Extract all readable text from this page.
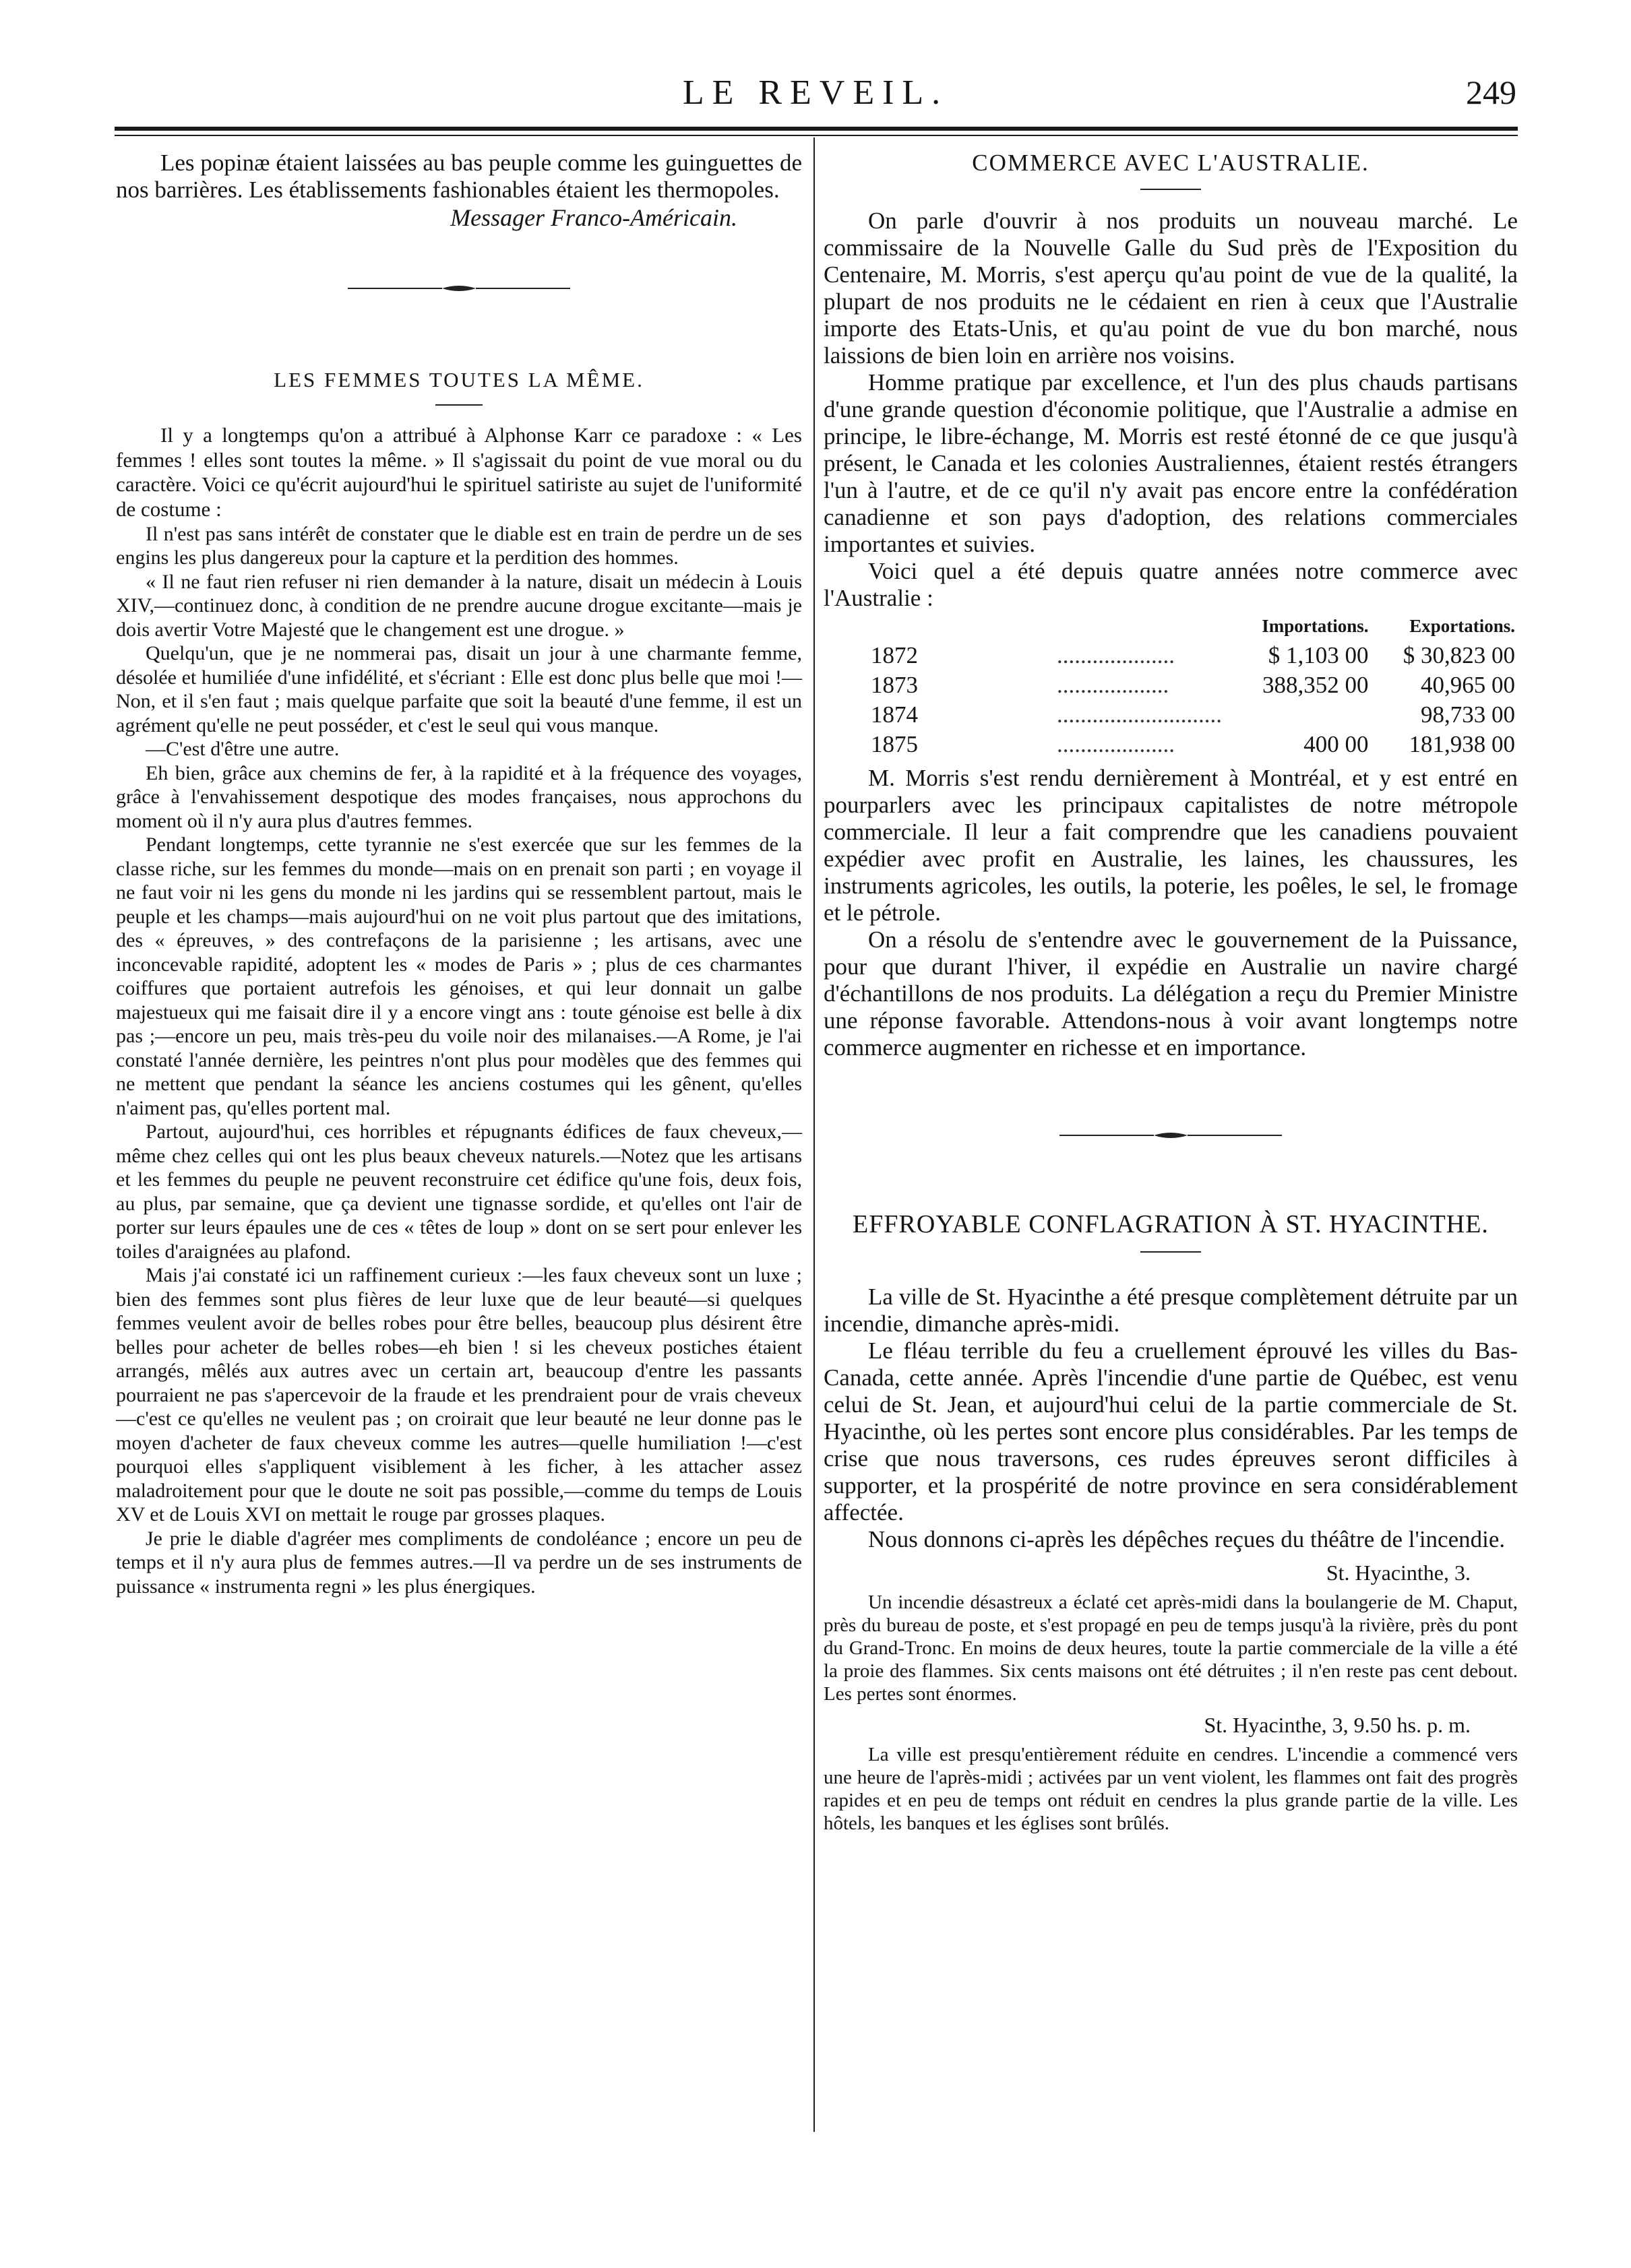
LE REVEIL.	249

Les popinæ étaient laissées au bas peuple comme les guinguettes de nos barrières. Les établissements fashionables étaient les thermopoles.

Messager Franco-Américain.
LES FEMMES TOUTES LA MÊME.

Il y a longtemps qu'on a attribué à Alphonse Karr ce paradoxe : « Les femmes ! elles sont toutes la même. » Il s'agissait du point de vue moral ou du caractère. Voici ce qu'écrit aujourd'hui le spirituel satiriste au sujet de l'uniformité de costume :

Il n'est pas sans intérêt de constater que le diable est en train de perdre un de ses engins les plus dangereux pour la capture et la perdition des hommes.

« Il ne faut rien refuser ni rien demander à la nature, disait un médecin à Louis XIV,—continuez donc, à condition de ne prendre aucune drogue excitante—mais je dois avertir Votre Majesté que le changement est une drogue. »

Quelqu'un, que je ne nommerai pas, disait un jour à une charmante femme, désolée et humiliée d'une infidélité, et s'écriant : Elle est donc plus belle que moi !—Non, et il s'en faut ; mais quelque parfaite que soit la beauté d'une femme, il est un agrément qu'elle ne peut posséder, et c'est le seul qui vous manque.

—C'est d'être une autre.

Eh bien, grâce aux chemins de fer, à la rapidité et à la fréquence des voyages, grâce à l'envahissement despotique des modes françaises, nous approchons du moment où il n'y aura plus d'autres femmes.

Pendant longtemps, cette tyrannie ne s'est exercée que sur les femmes de la classe riche, sur les femmes du monde—mais on en prenait son parti ; en voyage il ne faut voir ni les gens du monde ni les jardins qui se ressemblent partout, mais le peuple et les champs—mais aujourd'hui on ne voit plus partout que des imitations, des « épreuves, » des contrefaçons de la parisienne ; les artisans, avec une inconcevable rapidité, adoptent les « modes de Paris » ; plus de ces charmantes coiffures que portaient autrefois les génoises, et qui leur donnait un galbe majestueux qui me faisait dire il y a encore vingt ans : toute génoise est belle à dix pas ;—encore un peu, mais très-peu du voile noir des milanaises.—A Rome, je l'ai constaté l'année dernière, les peintres n'ont plus pour modèles que des femmes qui ne mettent que pendant la séance les anciens costumes qui les gênent, qu'elles n'aiment pas, qu'elles portent mal.

Partout, aujourd'hui, ces horribles et répugnants édifices de faux cheveux,—même chez celles qui ont les plus beaux cheveux naturels.—Notez que les artisans et les femmes du peuple ne peuvent reconstruire cet édifice qu'une fois, deux fois, au plus, par semaine, que ça devient une tignasse sordide, et qu'elles ont l'air de porter sur leurs épaules une de ces « têtes de loup » dont on se sert pour enlever les toiles d'araignées au plafond.

Mais j'ai constaté ici un raffinement curieux :—les faux cheveux sont un luxe ; bien des femmes sont plus fières de leur luxe que de leur beauté—si quelques femmes veulent avoir de belles robes pour être belles, beaucoup plus désirent être belles pour acheter de belles robes—eh bien ! si les cheveux postiches étaient arrangés, mêlés aux autres avec un certain art, beaucoup d'entre les passants pourraient ne pas s'apercevoir de la fraude et les prendraient pour de vrais cheveux—c'est ce qu'elles ne veulent pas ; on croirait que leur beauté ne leur donne pas le moyen d'acheter de faux cheveux comme les autres—quelle humiliation !—c'est pourquoi elles s'appliquent visiblement à les ficher, à les attacher assez maladroitement pour que le doute ne soit pas possible,—comme du temps de Louis XV et de Louis XVI on mettait le rouge par grosses plaques.

Je prie le diable d'agréer mes compliments de condoléance ; encore un peu de temps et il n'y aura plus de femmes autres.—Il va perdre un de ses instruments de puissance « instrumenta regni » les plus énergiques.

COMMERCE AVEC L'AUSTRALIE.

On parle d'ouvrir à nos produits un nouveau marché. Le commissaire de la Nouvelle Galle du Sud près de l'Exposition du Centenaire, M. Morris, s'est aperçu qu'au point de vue de la qualité, la plupart de nos produits ne le cédaient en rien à ceux que l'Australie importe des Etats-Unis, et qu'au point de vue du bon marché, nous laissions de bien loin en arrière nos voisins.

Homme pratique par excellence, et l'un des plus chauds partisans d'une grande question d'économie politique, que l'Australie a admise en principe, le libre-échange, M. Morris est resté étonné de ce que jusqu'à présent, le Canada et les colonies Australiennes, étaient restés étrangers l'un à l'autre, et de ce qu'il n'y avait pas encore entre la confédération canadienne et son pays d'adoption, des relations commerciales importantes et suivies.

Voici quel a été depuis quatre années notre commerce avec l'Australie :

		Importations.	Exportations.
1872	....................	$ 1,103 00	$ 30,823 00
1873	...................	388,352 00	40,965 00
1874	............................		98,733 00
1875	....................	400 00	181,938 00

M. Morris s'est rendu dernièrement à Montréal, et y est entré en pourparlers avec les principaux capitalistes de notre métropole commerciale. Il leur a fait comprendre que les canadiens pouvaient expédier avec profit en Australie, les laines, les chaussures, les instruments agricoles, les outils, la poterie, les poêles, le sel, le fromage et le pétrole.

On a résolu de s'entendre avec le gouvernement de la Puissance, pour que durant l'hiver, il expédie en Australie un navire chargé d'échantillons de nos produits. La délégation a reçu du Premier Ministre une réponse favorable. Attendons-nous à voir avant longtemps notre commerce augmenter en richesse et en importance.

EFFROYABLE CONFLAGRATION À ST. HYACINTHE.

La ville de St. Hyacinthe a été presque complètement détruite par un incendie, dimanche après-midi.

Le fléau terrible du feu a cruellement éprouvé les villes du Bas-Canada, cette année. Après l'incendie d'une partie de Québec, est venu celui de St. Jean, et aujourd'hui celui de la partie commerciale de St. Hyacinthe, où les pertes sont encore plus considérables. Par les temps de crise que nous traversons, ces rudes épreuves seront difficiles à supporter, et la prospérité de notre province en sera considérablement affectée.

Nous donnons ci-après les dépêches reçues du théâtre de l'incendie.

St. Hyacinthe, 3.

Un incendie désastreux a éclaté cet après-midi dans la boulangerie de M. Chaput, près du bureau de poste, et s'est propagé en peu de temps jusqu'à la rivière, près du pont du Grand-Tronc. En moins de deux heures, toute la partie commerciale de la ville a été la proie des flammes. Six cents maisons ont été détruites ; il n'en reste pas cent debout. Les pertes sont énormes.

St. Hyacinthe, 3, 9.50 hs. p. m.

La ville est presqu'entièrement réduite en cendres. L'incendie a commencé vers une heure de l'après-midi ; activées par un vent violent, les flammes ont fait des progrès rapides et en peu de temps ont réduit en cendres la plus grande partie de la ville. Les hôtels, les banques et les églises sont brûlés.
